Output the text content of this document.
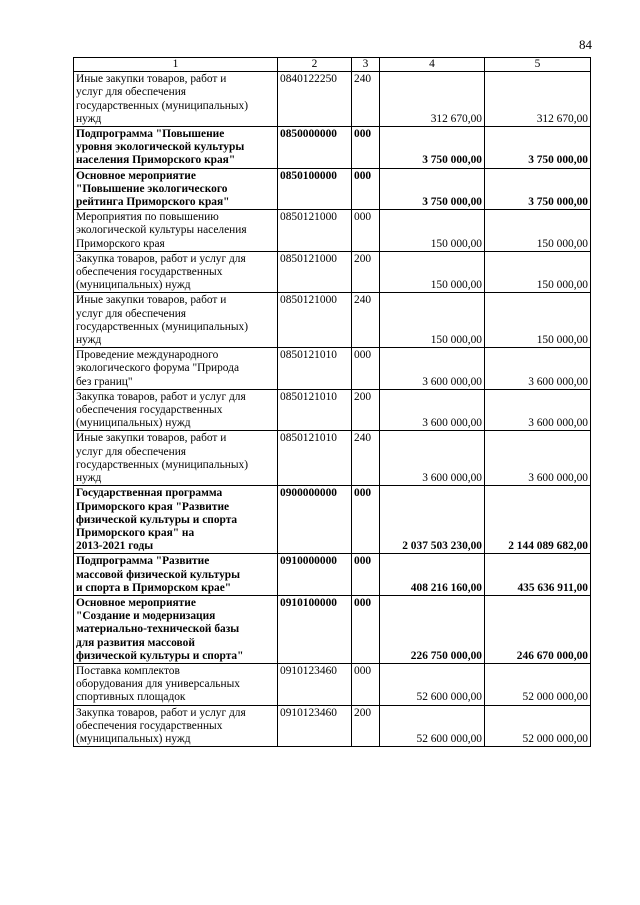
84
1	2	3	4	5

Иные закупки товаров, работ и
услуг для обеспечения
государственных (муниципальных)
нужд	0840122250	240	312 670,00	312 670,00

Подпрограмма "Повышение
уровня экологической культуры
населения Приморского края"	0850000000	000	3 750 000,00	3 750 000,00

Основное мероприятие
"Повышение экологического
рейтинга Приморского края"	0850100000	000	3 750 000,00	3 750 000,00

Мероприятия по повышению
экологической культуры населения
Приморского края	0850121000	000	150 000,00	150 000,00

Закупка товаров, работ и услуг для
обеспечения государственных
(муниципальных) нужд	0850121000	200	150 000,00	150 000,00

Иные закупки товаров, работ и
услуг для обеспечения
государственных (муниципальных)
нужд	0850121000	240	150 000,00	150 000,00

Проведение международного
экологического форума "Природа
без границ"	0850121010	000	3 600 000,00	3 600 000,00

Закупка товаров, работ и услуг для
обеспечения государственных
(муниципальных) нужд	0850121010	200	3 600 000,00	3 600 000,00

Иные закупки товаров, работ и
услуг для обеспечения
государственных (муниципальных)
нужд	0850121010	240	3 600 000,00	3 600 000,00

Государственная программа
Приморского края "Развитие
физической культуры и спорта
Приморского края" на
2013-2021 годы	0900000000	000	2 037 503 230,00	2 144 089 682,00

Подпрограмма "Развитие
массовой физической культуры
и спорта в Приморском крае"	0910000000	000	408 216 160,00	435 636 911,00

Основное мероприятие
"Создание и модернизация
материально-технической базы
для развития массовой
физической культуры и спорта"	0910100000	000	226 750 000,00	246 670 000,00

Поставка комплектов
оборудования для универсальных
спортивных площадок	0910123460	000	52 600 000,00	52 000 000,00

Закупка товаров, работ и услуг для
обеспечения государственных
(муниципальных) нужд	0910123460	200	52 600 000,00	52 000 000,00
